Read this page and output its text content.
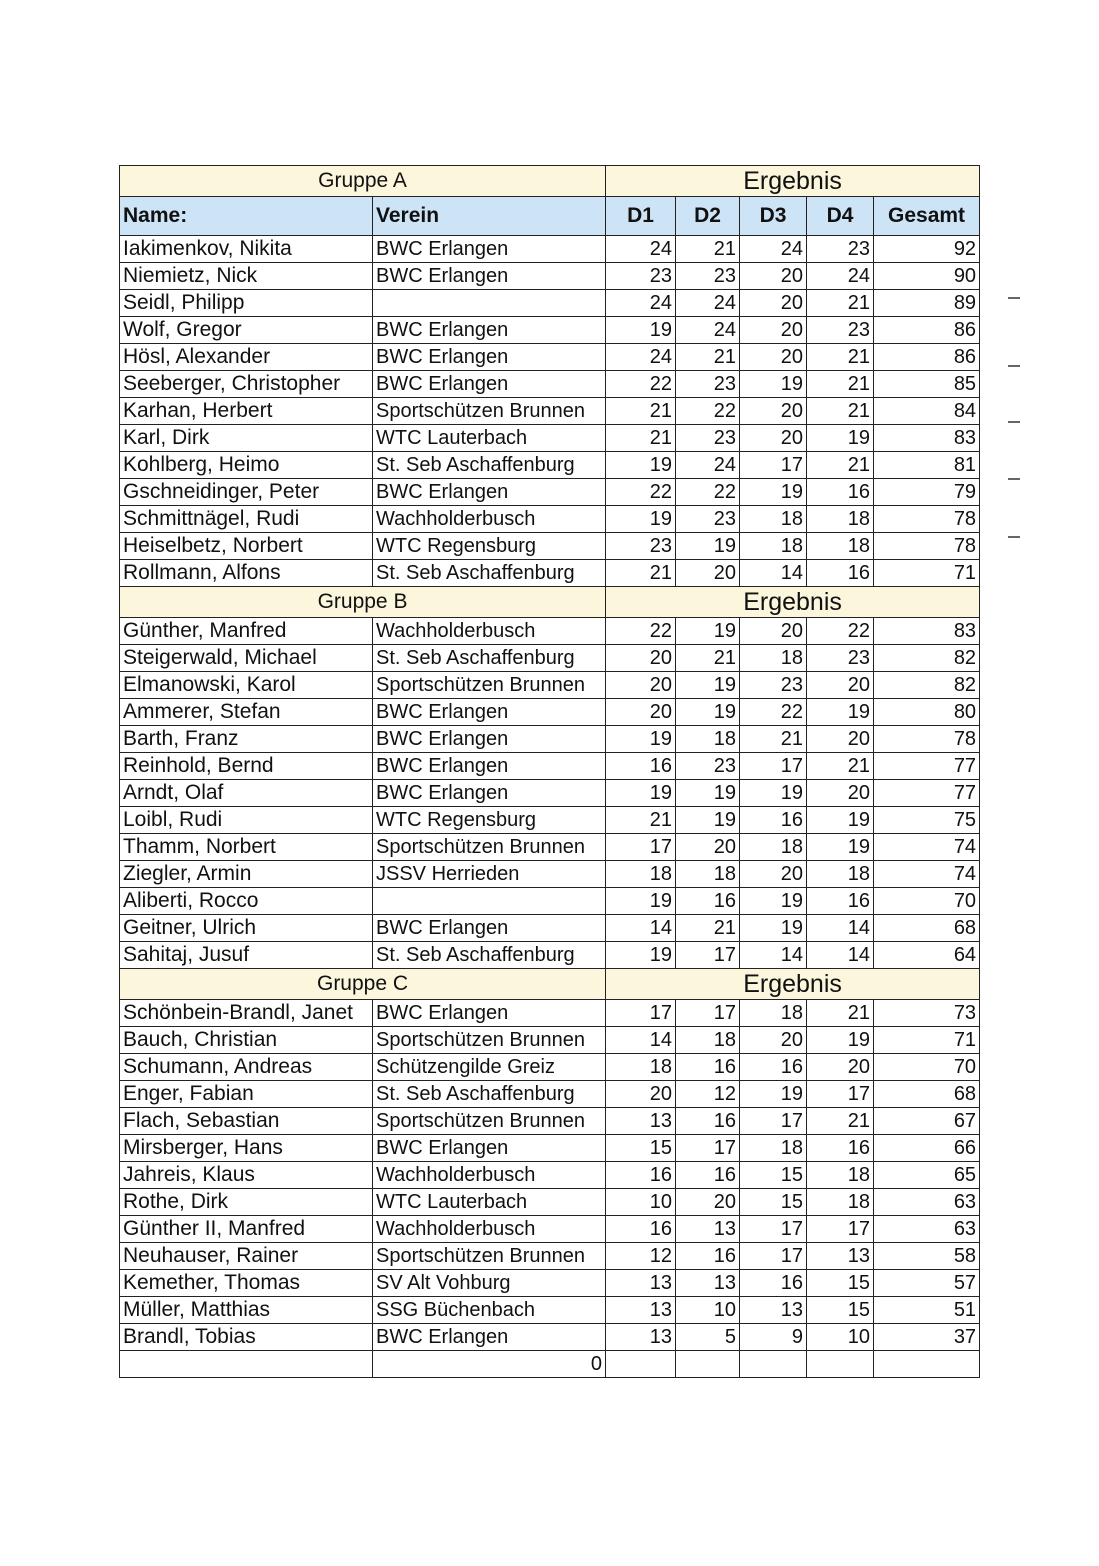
Gruppe A		Ergebnis				
Name:	Verein	D1	D2	D3	D4	Gesamt
Iakimenkov, Nikita	BWC Erlangen	24	21	24	23	92
Niemietz, Nick	BWC Erlangen	23	23	20	24	90
Seidl, Philipp		24	24	20	21	89
Wolf, Gregor	BWC Erlangen	19	24	20	23	86
Hösl, Alexander	BWC Erlangen	24	21	20	21	86
Seeberger, Christopher	BWC Erlangen	22	23	19	21	85
Karhan, Herbert	Sportschützen Brunnen	21	22	20	21	84
Karl, Dirk	WTC Lauterbach	21	23	20	19	83
Kohlberg, Heimo	St. Seb Aschaffenburg	19	24	17	21	81
Gschneidinger, Peter	BWC Erlangen	22	22	19	16	79
Schmittnägel, Rudi	Wachholderbusch	19	23	18	18	78
Heiselbetz, Norbert	WTC Regensburg	23	19	18	18	78
Rollmann, Alfons	St. Seb Aschaffenburg	21	20	14	16	71
Gruppe B		Ergebnis				
Günther, Manfred	Wachholderbusch	22	19	20	22	83
Steigerwald, Michael	St. Seb Aschaffenburg	20	21	18	23	82
Elmanowski, Karol	Sportschützen Brunnen	20	19	23	20	82
Ammerer, Stefan	BWC Erlangen	20	19	22	19	80
Barth, Franz	BWC Erlangen	19	18	21	20	78
Reinhold, Bernd	BWC Erlangen	16	23	17	21	77
Arndt, Olaf	BWC Erlangen	19	19	19	20	77
Loibl, Rudi	WTC Regensburg	21	19	16	19	75
Thamm, Norbert	Sportschützen Brunnen	17	20	18	19	74
Ziegler, Armin	JSSV Herrieden	18	18	20	18	74
Aliberti, Rocco		19	16	19	16	70
Geitner, Ulrich	BWC Erlangen	14	21	19	14	68
Sahitaj, Jusuf	St. Seb Aschaffenburg	19	17	14	14	64
Gruppe C		Ergebnis				
Schönbein-Brandl, Janet	BWC Erlangen	17	17	18	21	73
Bauch, Christian	Sportschützen Brunnen	14	18	20	19	71
Schumann, Andreas	Schützengilde Greiz	18	16	16	20	70
Enger, Fabian	St. Seb Aschaffenburg	20	12	19	17	68
Flach, Sebastian	Sportschützen Brunnen	13	16	17	21	67
Mirsberger, Hans	BWC Erlangen	15	17	18	16	66
Jahreis, Klaus	Wachholderbusch	16	16	15	18	65
Rothe, Dirk	WTC Lauterbach	10	20	15	18	63
Günther II, Manfred	Wachholderbusch	16	13	17	17	63
Neuhauser, Rainer	Sportschützen Brunnen	12	16	17	13	58
Kemether, Thomas	SV Alt Vohburg	13	13	16	15	57
Müller, Matthias	SSG Büchenbach	13	10	13	15	51
Brandl, Tobias	BWC Erlangen	13	5	9	10	37
	0					
